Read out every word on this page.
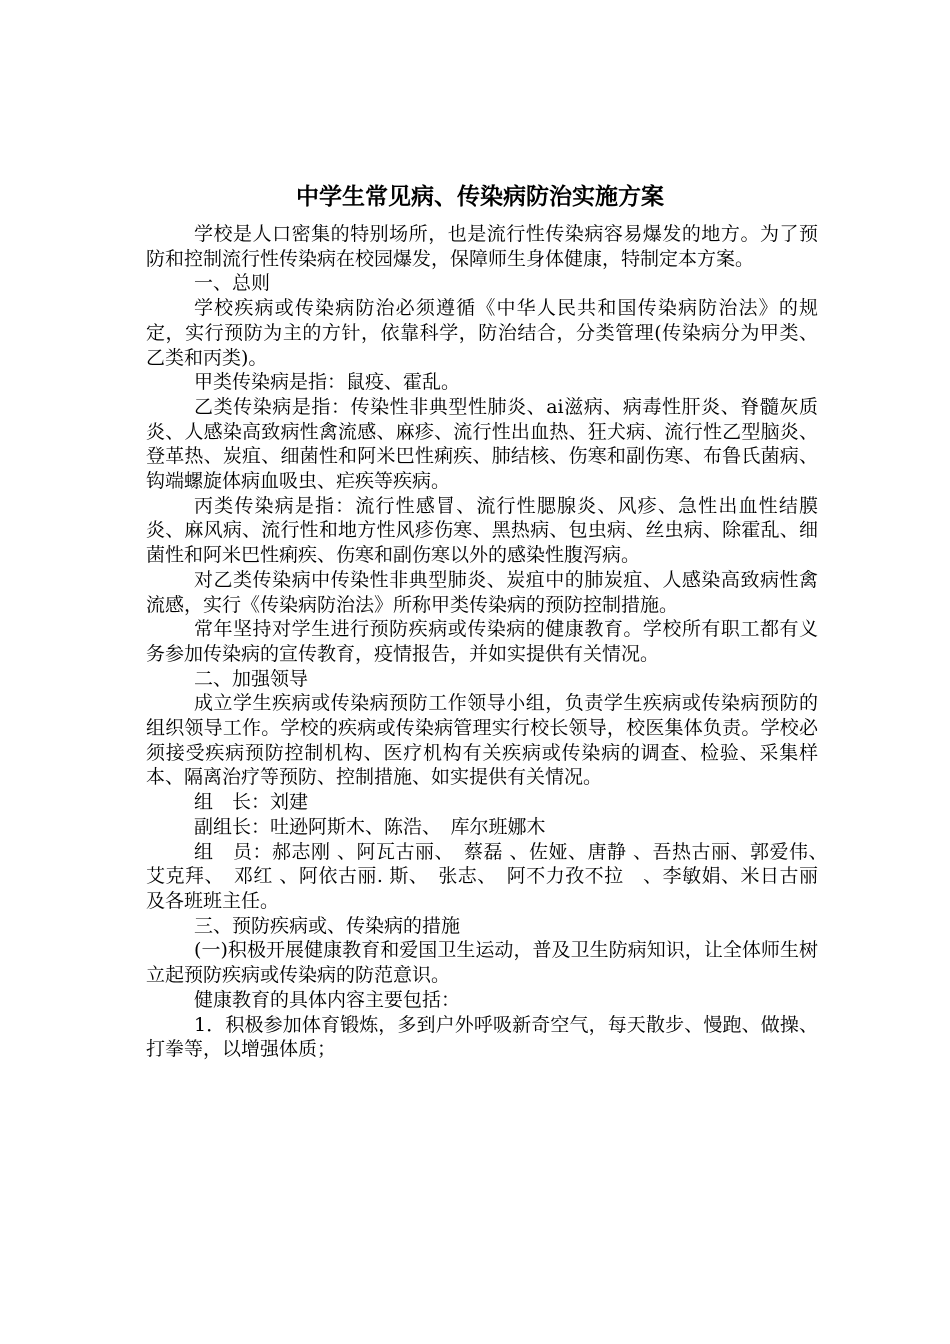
中学生常见病、传染病防治实施方案

学校是人口密集的特别场所，也是流行性传染病容易爆发的地方。为了预防和控制流行性传染病在校园爆发，保障师生身体健康，特制定本方案。

一、总则

学校疾病或传染病防治必须遵循《中华人民共和国传染病防治法》的规定，实行预防为主的方针，依靠科学，防治结合，分类管理(传染病分为甲类、乙类和丙类)。

甲类传染病是指：鼠疫、霍乱。

乙类传染病是指：传染性非典型性肺炎、ai滋病、病毒性肝炎、脊髓灰质炎、人感染高致病性禽流感、麻疹、流行性出血热、狂犬病、流行性乙型脑炎、登革热、炭疽、细菌性和阿米巴性痢疾、肺结核、伤寒和副伤寒、布鲁氏菌病、钩端螺旋体病血吸虫、疟疾等疾病。

丙类传染病是指：流行性感冒、流行性腮腺炎、风疹、急性出血性结膜炎、麻风病、流行性和地方性风疹伤寒、黑热病、包虫病、丝虫病、除霍乱、细菌性和阿米巴性痢疾、伤寒和副伤寒以外的感染性腹泻病。

对乙类传染病中传染性非典型肺炎、炭疽中的肺炭疽、人感染高致病性禽流感，实行《传染病防治法》所称甲类传染病的预防控制措施。

常年坚持对学生进行预防疾病或传染病的健康教育。学校所有职工都有义务参加传染病的宣传教育，疫情报告，并如实提供有关情况。

二、加强领导

成立学生疾病或传染病预防工作领导小组，负责学生疾病或传染病预防的组织领导工作。学校的疾病或传染病管理实行校长领导，校医集体负责。学校必须接受疾病预防控制机构、医疗机构有关疾病或传染病的调查、检验、采集样本、隔离治疗等预防、控制措施、如实提供有关情况。

组　长：刘建

副组长：吐逊阿斯木、陈浩、　库尔班娜木

组　员：郝志刚 、阿瓦古丽、　蔡磊 、佐娅、唐静 、吾热古丽、郭爱伟、　艾克拜、　邓红 、阿依古丽. 斯、　张志、　阿不力孜不拉　、李敏娟、米日古丽及各班班主任。

三、预防疾病或、传染病的措施

(一)积极开展健康教育和爱国卫生运动，普及卫生防病知识，让全体师生树立起预防疾病或传染病的防范意识。

健康教育的具体内容主要包括：

1．积极参加体育锻炼，多到户外呼吸新奇空气，每天散步、慢跑、做操、打拳等，以增强体质；
